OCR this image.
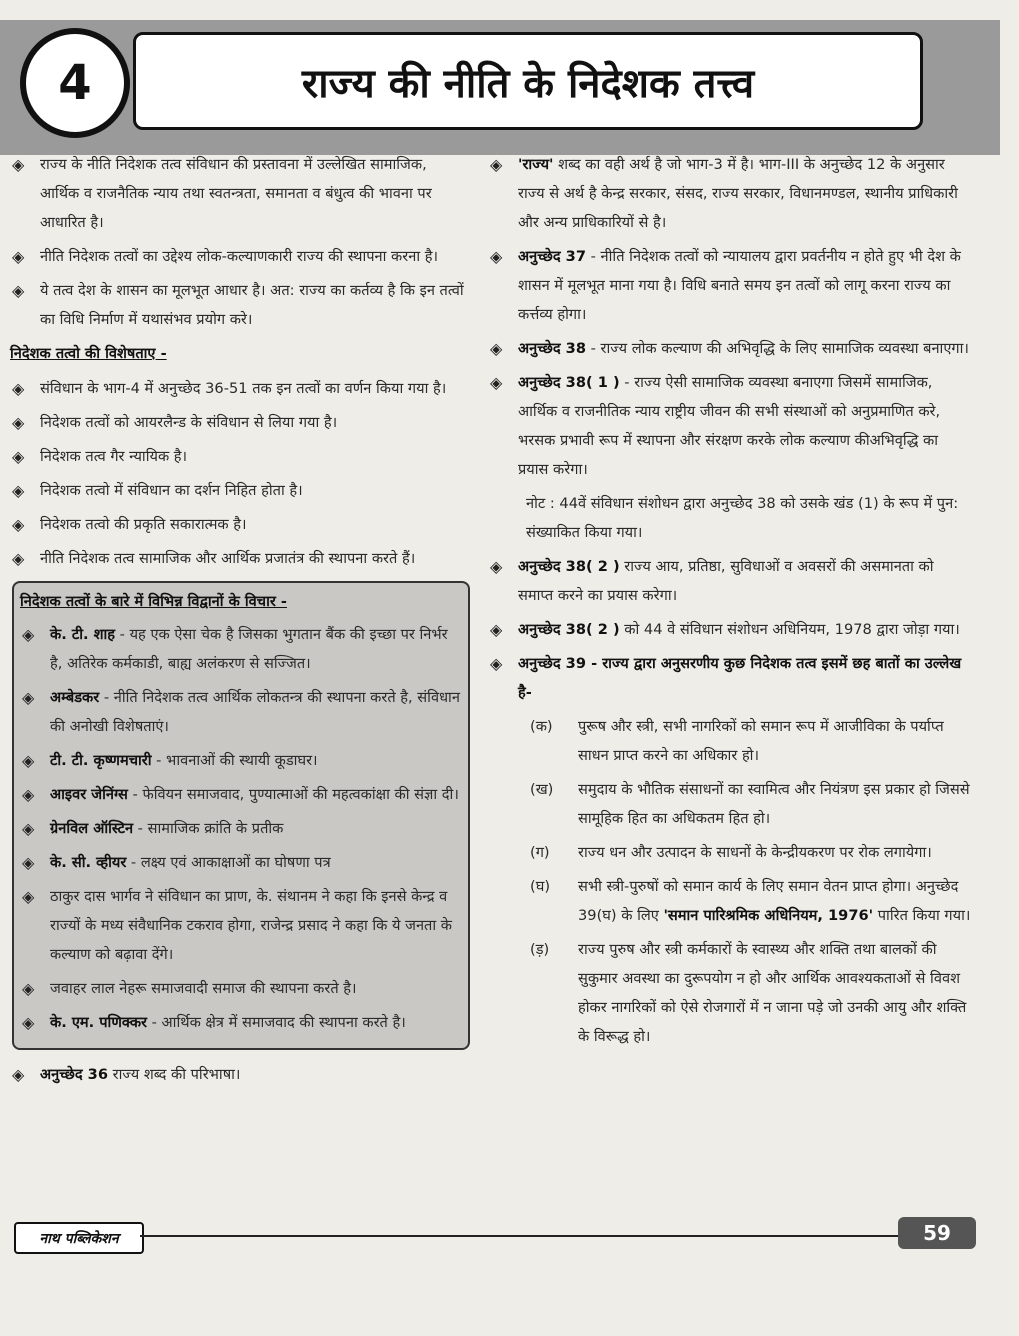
4	राज्य की नीति के निदेशक तत्त्व
◈ राज्य के नीति निदेशक तत्व संविधान की प्रस्तावना में उल्लेखित सामाजिक, आर्थिक व राजनैतिक न्याय तथा स्वतन्त्रता, समानता व बंधुत्व की भावना पर आधारित है।
◈ नीति निदेशक तत्वों का उद्देश्य लोक-कल्याणकारी राज्य की स्थापना करना है।
◈ ये तत्व देश के शासन का मूलभूत आधार है। अत: राज्य का कर्तव्य है कि इन तत्वों का विधि निर्माण में यथासंभव प्रयोग करे।
निदेशक तत्वो की विशेषताए -
◈ संविधान के भाग-4 में अनुच्छेद 36-51 तक इन तत्वों का वर्णन किया गया है।
◈ निदेशक तत्वों को आयरलैन्ड के संविधान से लिया गया है।
◈ निदेशक तत्व गैर न्यायिक है।
◈ निदेशक तत्वो में संविधान का दर्शन निहित होता है।
◈ निदेशक तत्वो की प्रकृति सकारात्मक है।
◈ नीति निदेशक तत्व सामाजिक और आर्थिक प्रजातंत्र की स्थापना करते हैं।
निदेशक तत्वों के बारे में विभिन्न विद्वानों के विचार -
◈ के. टी. शाह - यह एक ऐसा चेक है जिसका भुगतान बैंक की इच्छा पर निर्भर है, अतिरेक कर्मकाडी, बाह्य अलंकरण से सज्जित।
◈ अम्बेडकर - नीति निदेशक तत्व आर्थिक लोकतन्त्र की स्थापना करते है, संविधान की अनोखी विशेषताएं।
◈ टी. टी. कृष्णमचारी - भावनाओं की स्थायी कूडाघर।
◈ आइवर जेनिंग्स - फेवियन समाजवाद, पुण्यात्माओं की महत्वकांक्षा की संज्ञा दी।
◈ ग्रेनविल ऑस्टिन - सामाजिक क्रांति के प्रतीक
◈ के. सी. व्हीयर - लक्ष्य एवं आकाक्षाओं का घोषणा पत्र
◈ ठाकुर दास भार्गव ने संविधान का प्राण, के. संथानम ने कहा कि इनसे केन्द्र व राज्यों के मध्य संवैधानिक टकराव होगा, राजेन्द्र प्रसाद ने कहा कि ये जनता के कल्याण को बढ़ावा देंगे।
◈ जवाहर लाल नेहरू समाजवादी समाज की स्थापना करते है।
◈ के. एम. पणिक्कर - आर्थिक क्षेत्र में समाजवाद की स्थापना करते है।
◈ अनुच्छेद 36 राज्य शब्द की परिभाषा।
◈ 'राज्य' शब्द का वही अर्थ है जो भाग-3 में है। भाग-III के अनुच्छेद 12 के अनुसार राज्य से अर्थ है केन्द्र सरकार, संसद, राज्य सरकार, विधानमण्डल, स्थानीय प्राधिकारी और अन्य प्राधिकारियों से है।
◈ अनुच्छेद 37 - नीति निदेशक तत्वों को न्यायालय द्वारा प्रवर्तनीय न होते हुए भी देश के शासन में मूलभूत माना गया है। विधि बनाते समय इन तत्वों को लागू करना राज्य का कर्त्तव्य होगा।
◈ अनुच्छेद 38 - राज्य लोक कल्याण की अभिवृद्धि के लिए सामाजिक व्यवस्था बनाएगा।
◈ अनुच्छेद 38( 1 ) - राज्य ऐसी सामाजिक व्यवस्था बनाएगा जिसमें सामाजिक, आर्थिक व राजनीतिक न्याय राष्ट्रीय जीवन की सभी संस्थाओं को अनुप्रमाणित करे, भरसक प्रभावी रूप में स्थापना और संरक्षण करके लोक कल्याण कीअभिवृद्धि का प्रयास करेगा।
नोट : 44वें संविधान संशोधन द्वारा अनुच्छेद 38 को उसके खंड (1) के रूप में पुन: संख्याकित किया गया।
◈ अनुच्छेद 38( 2 ) राज्य आय, प्रतिष्ठा, सुविधाओं व अवसरों की असमानता को समाप्त करने का प्रयास करेगा।
◈ अनुच्छेद 38( 2 ) को 44 वे संविधान संशोधन अधिनियम, 1978 द्वारा जोड़ा गया।
◈ अनुच्छेद 39 - राज्य द्वारा अनुसरणीय कुछ निदेशक तत्व इसमें छह बातों का उल्लेख है-
(क) पुरूष और स्त्री, सभी नागरिकों को समान रूप में आजीविका के पर्याप्त साधन प्राप्त करने का अधिकार हो।
(ख) समुदाय के भौतिक संसाधनों का स्वामित्व और नियंत्रण इस प्रकार हो जिससे सामूहिक हित का अधिकतम हित हो।
(ग) राज्य धन और उत्पादन के साधनों के केन्द्रीयकरण पर रोक लगायेगा।
(घ) सभी स्त्री-पुरुषों को समान कार्य के लिए समान वेतन प्राप्त होगा। अनुच्छेद 39(घ) के लिए 'समान पारिश्रमिक अधिनियम, 1976' पारित किया गया।
(ड़) राज्य पुरुष और स्त्री कर्मकारों के स्वास्थ्य और शक्ति तथा बालकों की सुकुमार अवस्था का दुरूपयोग न हो और आर्थिक आवश्यकताओं से विवश होकर नागरिकों को ऐसे रोजगारों में न जाना पड़े जो उनकी आयु और शक्ति के विरूद्ध हो।
नाथ पब्लिकेशन	59
